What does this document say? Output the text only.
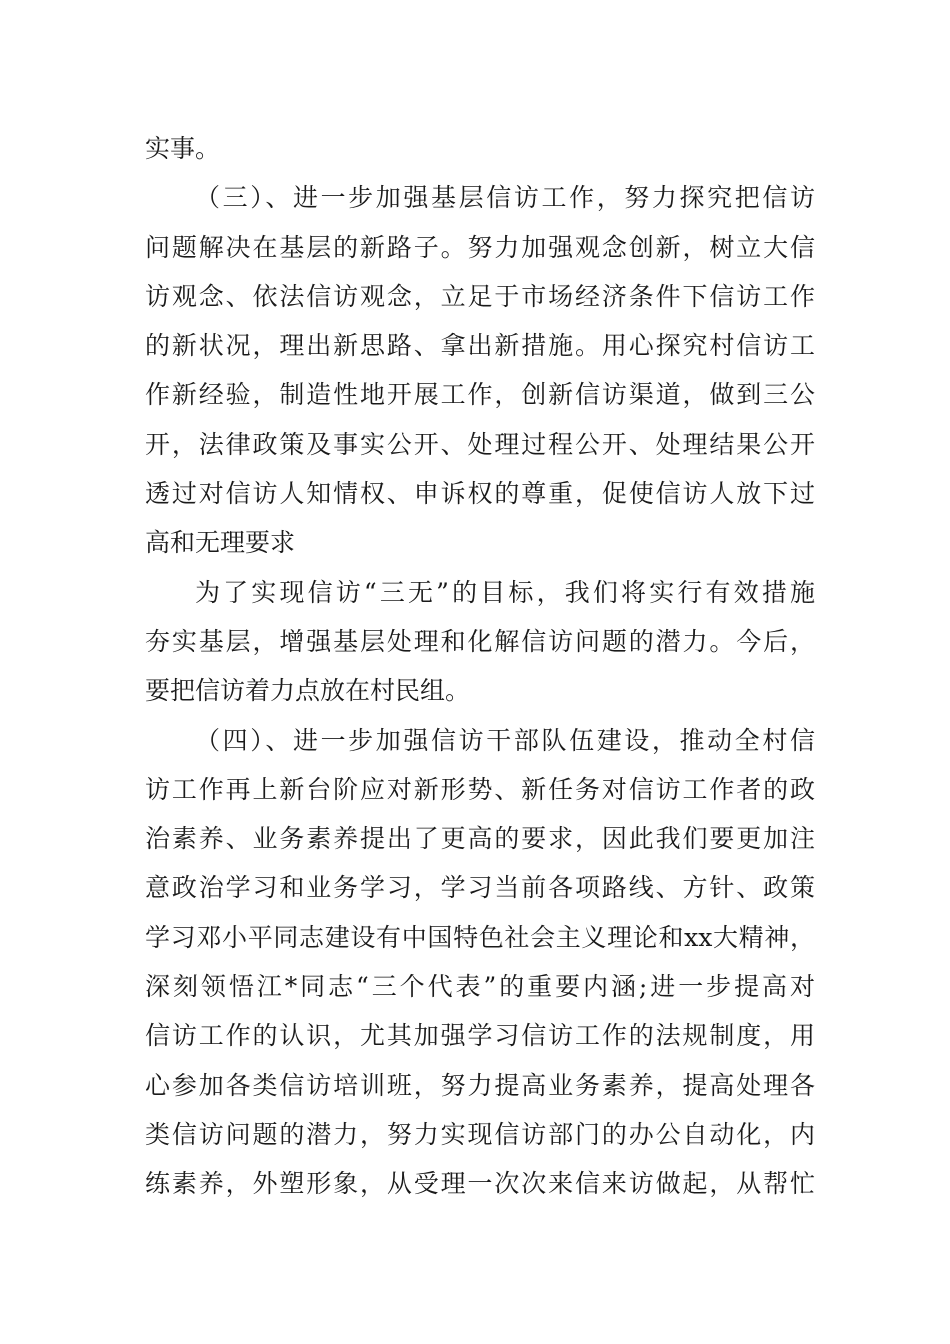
实事。
（三）、进一步加强基层信访工作，努力探究把信访
问题解决在基层的新路子。努力加强观念创新，树立大信
访观念、依法信访观念，立足于市场经济条件下信访工作
的新状况，理出新思路、拿出新措施。用心探究村信访工
作新经验，制造性地开展工作，创新信访渠道，做到三公
开，法律政策及事实公开、处理过程公开、处理结果公开
透过对信访人知情权、申诉权的尊重，促使信访人放下过
高和无理要求
为了实现信访“三无”的目标，我们将实行有效措施
夯实基层，增强基层处理和化解信访问题的潜力。今后，
要把信访着力点放在村民组。
（四）、进一步加强信访干部队伍建设，推动全村信
访工作再上新台阶应对新形势、新任务对信访工作者的政
治素养、业务素养提出了更高的要求，因此我们要更加注
意政治学习和业务学习，学习当前各项路线、方针、政策
学习邓小平同志建设有中国特色社会主义理论和xx大精神，
深刻领悟江*同志“三个代表”的重要内涵;进一步提高对
信访工作的认识，尤其加强学习信访工作的法规制度，用
心参加各类信访培训班，努力提高业务素养，提高处理各
类信访问题的潜力，努力实现信访部门的办公自动化，内
练素养，外塑形象，从受理一次次来信来访做起，从帮忙
